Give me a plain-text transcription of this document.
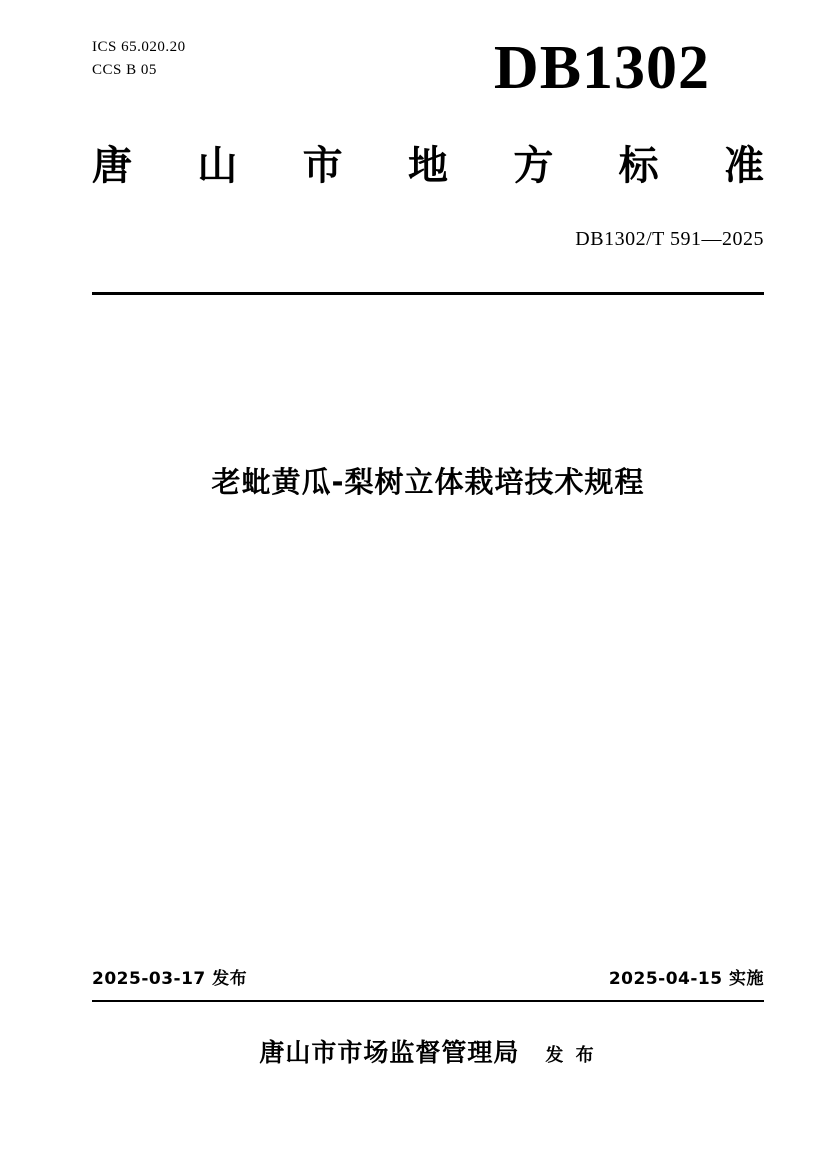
ICS 65.020.20
CCS B 05	DB1302
唐 山 市 地 方 标 准
DB1302/T 591—2025
老蚍黄瓜-梨树立体栽培技术规程
2025-03-17 发布	2025-04-15 实施
唐山市市场监督管理局 发 布
